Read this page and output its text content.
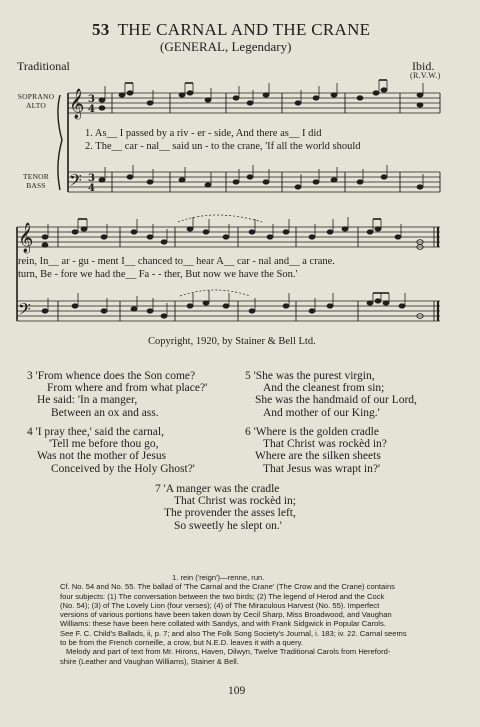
53 THE CARNAL AND THE CRANE
(GENERAL, Legendary)
Traditional	Ibid.
(R.V.W.)
SOPRANO
ALTO
TENOR
BASS
𝄞
𝄢
3
4
3
4
𝄞
𝄢
1. As__ I passed by a riv - er - side, And there as__ I did
2. The__ car - nal__ said un - to the crane, 'If all the world should
rein, In__ ar - gu - ment I__ chanced to__ hear A__ car - nal and__ a crane.
turn, Be - fore we had the__ Fa - - ther, But now we have the Son.'
Copyright, 1920, by Stainer & Bell Ltd.
3 'From whence does the Son come?
From where and from what place?'
He said: 'In a manger,
Between an ox and ass.
5 'She was the purest virgin,
And the cleanest from sin;
She was the handmaid of our Lord,
And mother of our King.'
4 'I pray thee,' said the carnal,
'Tell me before thou go,
Was not the mother of Jesus
Conceived by the Holy Ghost?'
6 'Where is the golden cradle
That Christ was rockèd in?
Where are the silken sheets
That Jesus was wrapt in?'
7 'A manger was the cradle
That Christ was rockèd in;
The provender the asses left,
So sweetly he slept on.'
1. rein ('reign')—renne, run.
Cf. No. 54 and No. 55. The ballad of 'The Carnal and the Crane' (The Crow and the Crane) contains
four subjects: (1) The conversation between the two birds; (2) The legend of Herod and the Cock
(No. 54); (3) of The Lovely Lion (four verses); (4) of The Miraculous Harvest (No. 55). Imperfect
versions of various portions have been taken down by Cecil Sharp, Miss Broadwood, and Vaughan
Williams: these have been here collated with Sandys, and with Frank Sidgwick in Popular Carols.
See F. C. Child's Ballads, ii, p. 7; and also The Folk Song Society's Journal, i. 183; iv. 22. Carnal seems
to be from the French corneille, a crow, but N.E.D. leaves it with a query.
Melody and part of text from Mr. Hirons, Haven, Dilwyn, Twelve Traditional Carols from Hereford-
shire (Leather and Vaughan Williams), Stainer & Bell.
109
